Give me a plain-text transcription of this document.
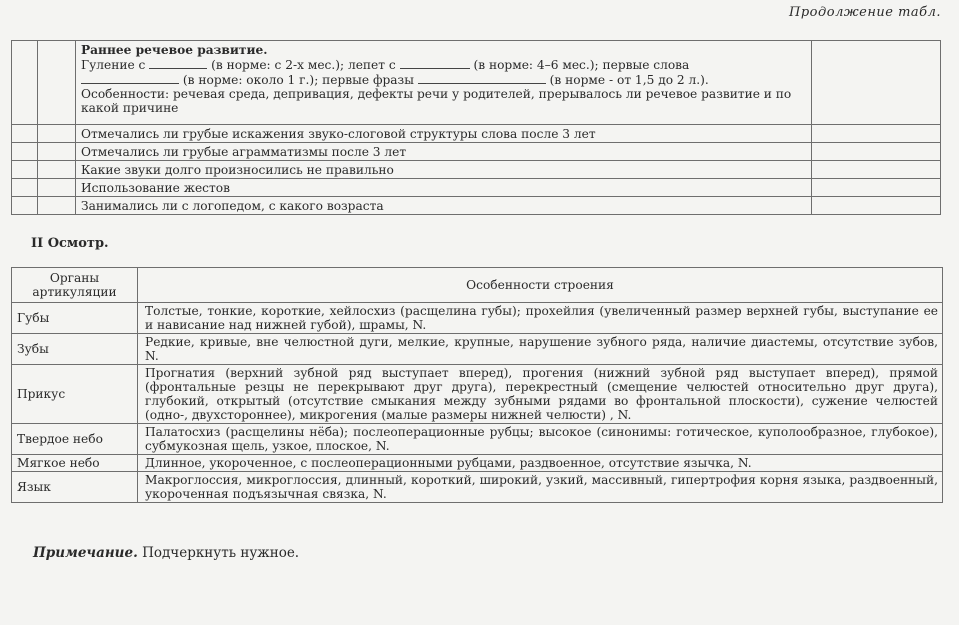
Продолжение табл.

		Раннее речевое развитие.
Гуление с (в норме: с 2-х мес.); лепет с (в норме: 4–6 мес.); первые слова
(в норме: около 1 г.); первые фразы (в норме - от 1,5 до 2 л.).
Особенности: речевая среда, депривация, дефекты речи у родителей, прерывалось ли речевое развитие и по какой причине	

		Отмечались ли грубые искажения звуко-слоговой структуры слова после 3 лет	
		Отмечались ли грубые аграмматизмы после 3 лет	
		Какие звуки долго произносились не правильно	
		Использование жестов	
		Занимались ли с логопедом, с какого возраста	
II Осмотр.
Органы артикуляции	Особенности строения
Губы	Толстые, тонкие, короткие, хейлосхиз (расщелина губы); прохейлия (увеличенный размер верхней губы, выступание ее и нависание над нижней губой), шрамы, N.
Зубы	Редкие, кривые, вне челюстной дуги, мелкие, крупные, нарушение зубного ряда, наличие диастемы, отсутствие зубов, N.
Прикус	Прогнатия (верхний зубной ряд выступает вперед), прогения (нижний зубной ряд выступает вперед), прямой (фронтальные резцы не перекрывают друг друга), перекрестный (смещение челюстей относительно друг друга), глубокий, открытый (отсутствие смыкания между зубными рядами во фронтальной плоскости), сужение челюстей (одно-, двухстороннее), микрогения (малые размеры нижней челюсти) , N.
Твердое небо	Палатосхиз (расщелины нёба); послеоперационные рубцы; высокое (синонимы: готическое, куполообразное, глубокое), субмукозная щель, узкое, плоское, N.
Мягкое небо	Длинное, укороченное, с послеоперационными рубцами, раздвоенное, отсутствие язычка, N.
Язык	Макроглоссия, микроглоссия, длинный, короткий, широкий, узкий, массивный, гипертрофия корня языка, раздвоенный, укороченная подъязычная связка, N.
Примечание. Подчеркнуть нужное.
